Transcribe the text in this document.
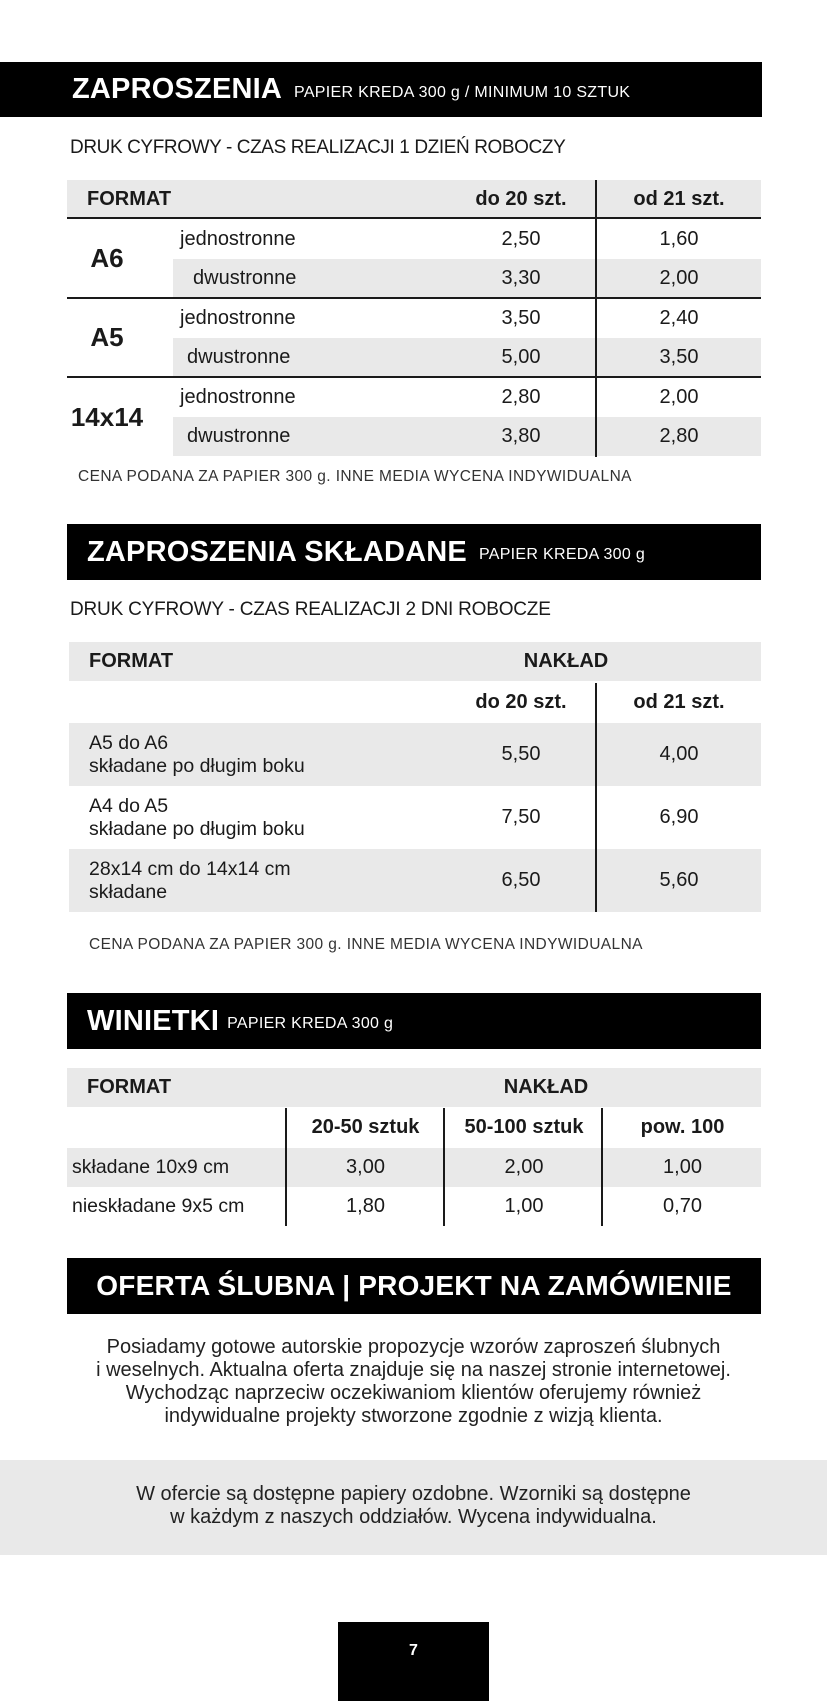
ZAPROSZENIA PAPIER KREDA 300 g / MINIMUM 10 SZTUK
DRUK CYFROWY - CZAS REALIZACJI 1 DZIEŃ ROBOCZY
FORMAT	do 20 szt.	od 21 szt.
A6
jednostronne	2,50	1,60
dwustronne	3,30	2,00
A5
jednostronne	3,50	2,40
dwustronne	5,00	3,50
14x14
jednostronne	2,80	2,00
dwustronne	3,80	2,80
CENA PODANA ZA PAPIER 300 g. INNE MEDIA WYCENA INDYWIDUALNA
ZAPROSZENIA SKŁADANE PAPIER KREDA 300 g
DRUK CYFROWY - CZAS REALIZACJI 2 DNI ROBOCZE
FORMAT	NAKŁAD
do 20 szt.	od 21 szt.
A5 do A6
składane po długim boku
5,50	4,00
A4 do A5
składane po długim boku
7,50	6,90
28x14 cm do 14x14 cm
składane
6,50	5,60
CENA PODANA ZA PAPIER 300 g. INNE MEDIA WYCENA INDYWIDUALNA
WINIETKI PAPIER KREDA 300 g
FORMAT	NAKŁAD
20-50 sztuk	50-100 sztuk	pow. 100
składane 10x9 cm	3,00	2,00	1,00
nieskładane 9x5 cm	1,80	1,00	0,70
OFERTA ŚLUBNA | PROJEKT NA ZAMÓWIENIE
Posiadamy gotowe autorskie propozycje wzorów zaproszeń ślubnych
i weselnych. Aktualna oferta znajduje się na naszej stronie internetowej.
Wychodząc naprzeciw oczekiwaniom klientów oferujemy również
indywidualne projekty stworzone zgodnie z wizją klienta.
W ofercie są dostępne papiery ozdobne. Wzorniki są dostępne
w każdym z naszych oddziałów. Wycena indywidualna.
7
